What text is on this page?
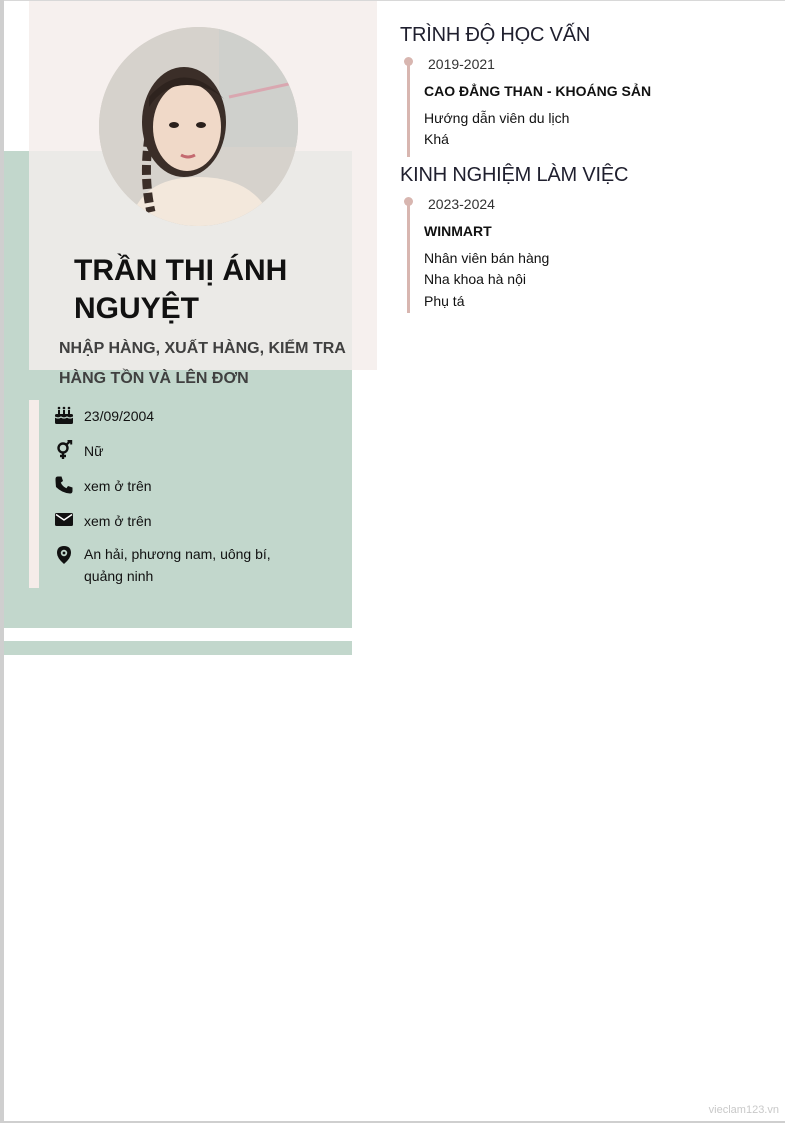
TRẦN THỊ ÁNH
NGUYỆT
NHẬP HÀNG, XUẤT HÀNG, KIỂM TRA
HÀNG TỒN VÀ LÊN ĐƠN
23/09/2004
Nữ
xem ở trên
xem ở trên
An hải, phương nam, uông bí,
quảng ninh
TRÌNH ĐỘ HỌC VẤN
2019-2021
CAO ĐẲNG THAN - KHOÁNG SẢN
Hướng dẫn viên du lịch
Khá
KINH NGHIỆM LÀM VIỆC
2023-2024
WINMART
Nhân viên bán hàng
Nha khoa hà nội
Phụ tá
vieclam123.vn
